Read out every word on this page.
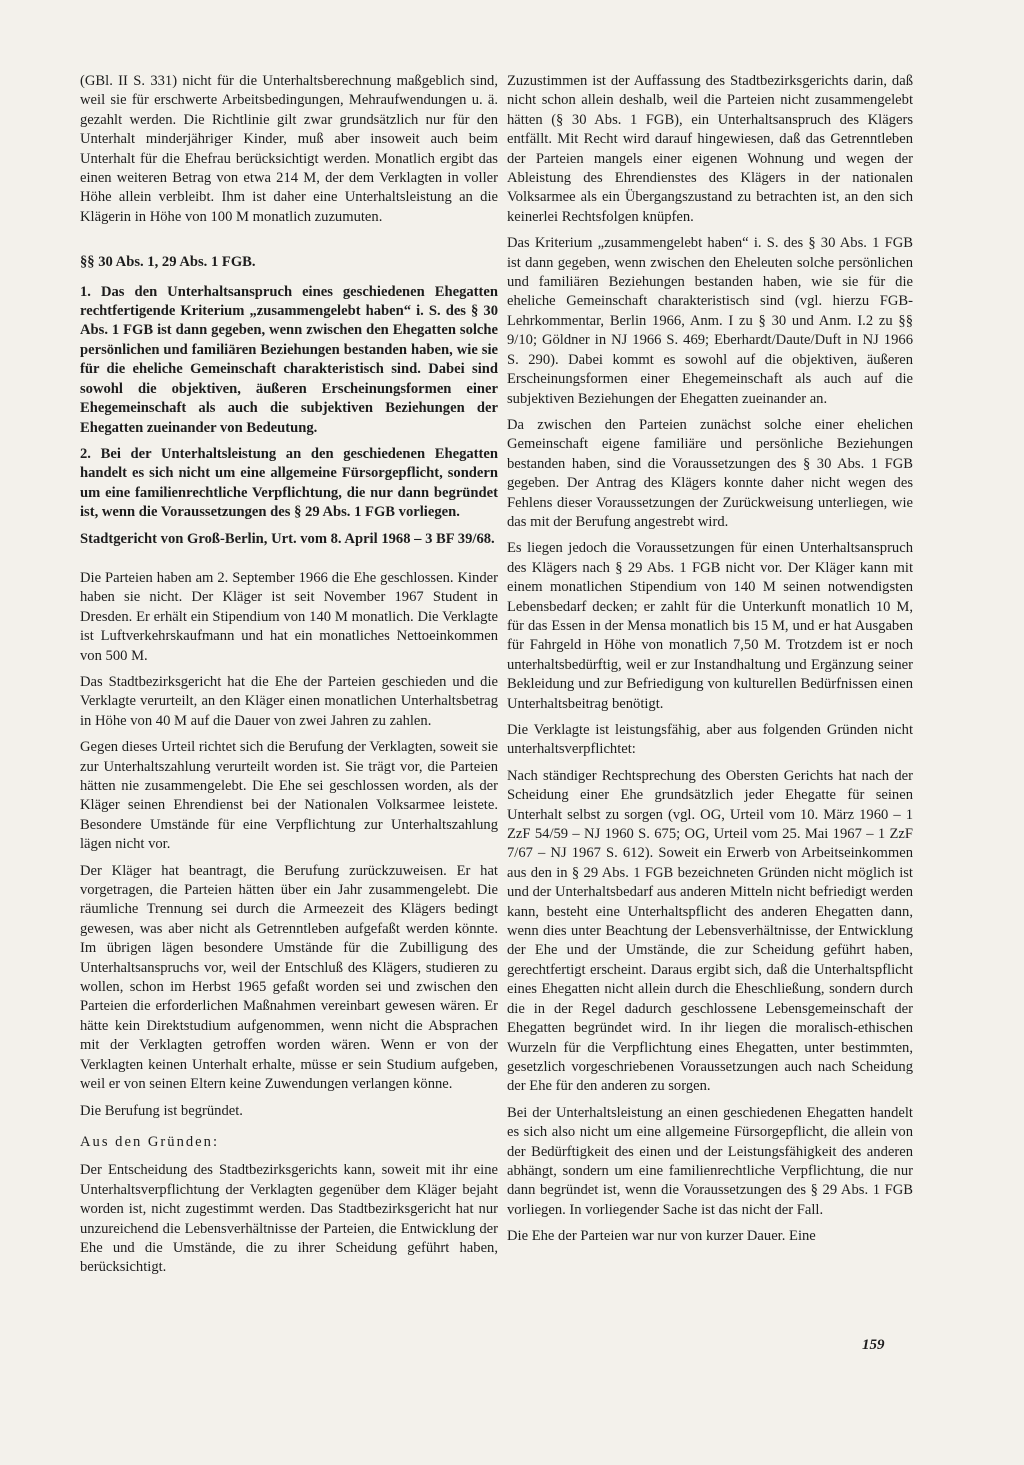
(GBl. II S. 331) nicht für die Unterhaltsberechnung maßgeblich sind, weil sie für erschwerte Arbeitsbedingungen, Mehraufwendungen u. ä. gezahlt werden. Die Richtlinie gilt zwar grundsätzlich nur für den Unterhalt minderjähriger Kinder, muß aber insoweit auch beim Unterhalt für die Ehefrau berücksichtigt werden. Monatlich ergibt das einen weiteren Betrag von etwa 214 M, der dem Verklagten in voller Höhe allein verbleibt. Ihm ist daher eine Unterhaltsleistung an die Klägerin in Höhe von 100 M monatlich zuzumuten.

§§ 30 Abs. 1, 29 Abs. 1 FGB.

1. Das den Unterhaltsanspruch eines geschiedenen Ehegatten rechtfertigende Kriterium „zusammengelebt haben“ i. S. des § 30 Abs. 1 FGB ist dann gegeben, wenn zwischen den Ehegatten solche persönlichen und familiären Beziehungen bestanden haben, wie sie für die eheliche Gemeinschaft charakteristisch sind. Dabei sind sowohl die objektiven, äußeren Erscheinungsformen einer Ehegemeinschaft als auch die subjektiven Beziehungen der Ehegatten zueinander von Bedeutung.

2. Bei der Unterhaltsleistung an den geschiedenen Ehegatten handelt es sich nicht um eine allgemeine Fürsorgepflicht, sondern um eine familienrechtliche Verpflichtung, die nur dann begründet ist, wenn die Voraussetzungen des § 29 Abs. 1 FGB vorliegen.

Stadtgericht von Groß-Berlin, Urt. vom 8. April 1968 – 3 BF 39/68.

Die Parteien haben am 2. September 1966 die Ehe geschlossen. Kinder haben sie nicht. Der Kläger ist seit November 1967 Student in Dresden. Er erhält ein Stipendium von 140 M monatlich. Die Verklagte ist Luftverkehrskaufmann und hat ein monatliches Nettoeinkommen von 500 M.

Das Stadtbezirksgericht hat die Ehe der Parteien geschieden und die Verklagte verurteilt, an den Kläger einen monatlichen Unterhaltsbetrag in Höhe von 40 M auf die Dauer von zwei Jahren zu zahlen.

Gegen dieses Urteil richtet sich die Berufung der Verklagten, soweit sie zur Unterhaltszahlung verurteilt worden ist. Sie trägt vor, die Parteien hätten nie zusammengelebt. Die Ehe sei geschlossen worden, als der Kläger seinen Ehrendienst bei der Nationalen Volksarmee leistete. Besondere Umstände für eine Verpflichtung zur Unterhaltszahlung lägen nicht vor.

Der Kläger hat beantragt, die Berufung zurückzuweisen. Er hat vorgetragen, die Parteien hätten über ein Jahr zusammengelebt. Die räumliche Trennung sei durch die Armeezeit des Klägers bedingt gewesen, was aber nicht als Getrenntleben aufgefaßt werden könnte. Im übrigen lägen besondere Umstände für die Zubilligung des Unterhaltsanspruchs vor, weil der Entschluß des Klägers, studieren zu wollen, schon im Herbst 1965 gefaßt worden sei und zwischen den Parteien die erforderlichen Maßnahmen vereinbart gewesen wären. Er hätte kein Direktstudium aufgenommen, wenn nicht die Absprachen mit der Verklagten getroffen worden wären. Wenn er von der Verklagten keinen Unterhalt erhalte, müsse er sein Studium aufgeben, weil er von seinen Eltern keine Zuwendungen verlangen könne.

Die Berufung ist begründet.

Aus den Gründen:

Der Entscheidung des Stadtbezirksgerichts kann, soweit mit ihr eine Unterhaltsverpflichtung der Verklagten gegenüber dem Kläger bejaht worden ist, nicht zugestimmt werden. Das Stadtbezirksgericht hat nur unzureichend die Lebensverhältnisse der Parteien, die Entwicklung der Ehe und die Umstände, die zu ihrer Scheidung geführt haben, berücksichtigt.

Zuzustimmen ist der Auffassung des Stadtbezirksgerichts darin, daß nicht schon allein deshalb, weil die Parteien nicht zusammengelebt hätten (§ 30 Abs. 1 FGB), ein Unterhaltsanspruch des Klägers entfällt. Mit Recht wird darauf hingewiesen, daß das Getrenntleben der Parteien mangels einer eigenen Wohnung und wegen der Ableistung des Ehrendienstes des Klägers in der nationalen Volksarmee als ein Übergangszustand zu betrachten ist, an den sich keinerlei Rechtsfolgen knüpfen.

Das Kriterium „zusammengelebt haben“ i. S. des § 30 Abs. 1 FGB ist dann gegeben, wenn zwischen den Eheleuten solche persönlichen und familiären Beziehungen bestanden haben, wie sie für die eheliche Gemeinschaft charakteristisch sind (vgl. hierzu FGB-Lehrkommentar, Berlin 1966, Anm. I zu § 30 und Anm. I.2 zu §§ 9/10; Göldner in NJ 1966 S. 469; Eberhardt/Daute/Duft in NJ 1966 S. 290). Dabei kommt es sowohl auf die objektiven, äußeren Erscheinungsformen einer Ehegemeinschaft als auch auf die subjektiven Beziehungen der Ehegatten zueinander an.

Da zwischen den Parteien zunächst solche einer ehelichen Gemeinschaft eigene familiäre und persönliche Beziehungen bestanden haben, sind die Voraussetzungen des § 30 Abs. 1 FGB gegeben. Der Antrag des Klägers konnte daher nicht wegen des Fehlens dieser Voraussetzungen der Zurückweisung unterliegen, wie das mit der Berufung angestrebt wird.

Es liegen jedoch die Voraussetzungen für einen Unterhaltsanspruch des Klägers nach § 29 Abs. 1 FGB nicht vor. Der Kläger kann mit einem monatlichen Stipendium von 140 M seinen notwendigsten Lebensbedarf decken; er zahlt für die Unterkunft monatlich 10 M, für das Essen in der Mensa monatlich bis 15 M, und er hat Ausgaben für Fahrgeld in Höhe von monatlich 7,50 M. Trotzdem ist er noch unterhaltsbedürftig, weil er zur Instandhaltung und Ergänzung seiner Bekleidung und zur Befriedigung von kulturellen Bedürfnissen einen Unterhaltsbeitrag benötigt.

Die Verklagte ist leistungsfähig, aber aus folgenden Gründen nicht unterhaltsverpflichtet:

Nach ständiger Rechtsprechung des Obersten Gerichts hat nach der Scheidung einer Ehe grundsätzlich jeder Ehegatte für seinen Unterhalt selbst zu sorgen (vgl. OG, Urteil vom 10. März 1960 – 1 ZzF 54/59 – NJ 1960 S. 675; OG, Urteil vom 25. Mai 1967 – 1 ZzF 7/67 – NJ 1967 S. 612). Soweit ein Erwerb von Arbeitseinkommen aus den in § 29 Abs. 1 FGB bezeichneten Gründen nicht möglich ist und der Unterhaltsbedarf aus anderen Mitteln nicht befriedigt werden kann, besteht eine Unterhaltspflicht des anderen Ehegatten dann, wenn dies unter Beachtung der Lebensverhältnisse, der Entwicklung der Ehe und der Umstände, die zur Scheidung geführt haben, gerechtfertigt erscheint. Daraus ergibt sich, daß die Unterhaltspflicht eines Ehegatten nicht allein durch die Eheschließung, sondern durch die in der Regel dadurch geschlossene Lebensgemeinschaft der Ehegatten begründet wird. In ihr liegen die moralisch-ethischen Wurzeln für die Verpflichtung eines Ehegatten, unter bestimmten, gesetzlich vorgeschriebenen Voraussetzungen auch nach Scheidung der Ehe für den anderen zu sorgen.

Bei der Unterhaltsleistung an einen geschiedenen Ehegatten handelt es sich also nicht um eine allgemeine Fürsorgepflicht, die allein von der Bedürftigkeit des einen und der Leistungsfähigkeit des anderen abhängt, sondern um eine familienrechtliche Verpflichtung, die nur dann begründet ist, wenn die Voraussetzungen des § 29 Abs. 1 FGB vorliegen. In vorliegender Sache ist das nicht der Fall.

Die Ehe der Parteien war nur von kurzer Dauer. Eine

159
